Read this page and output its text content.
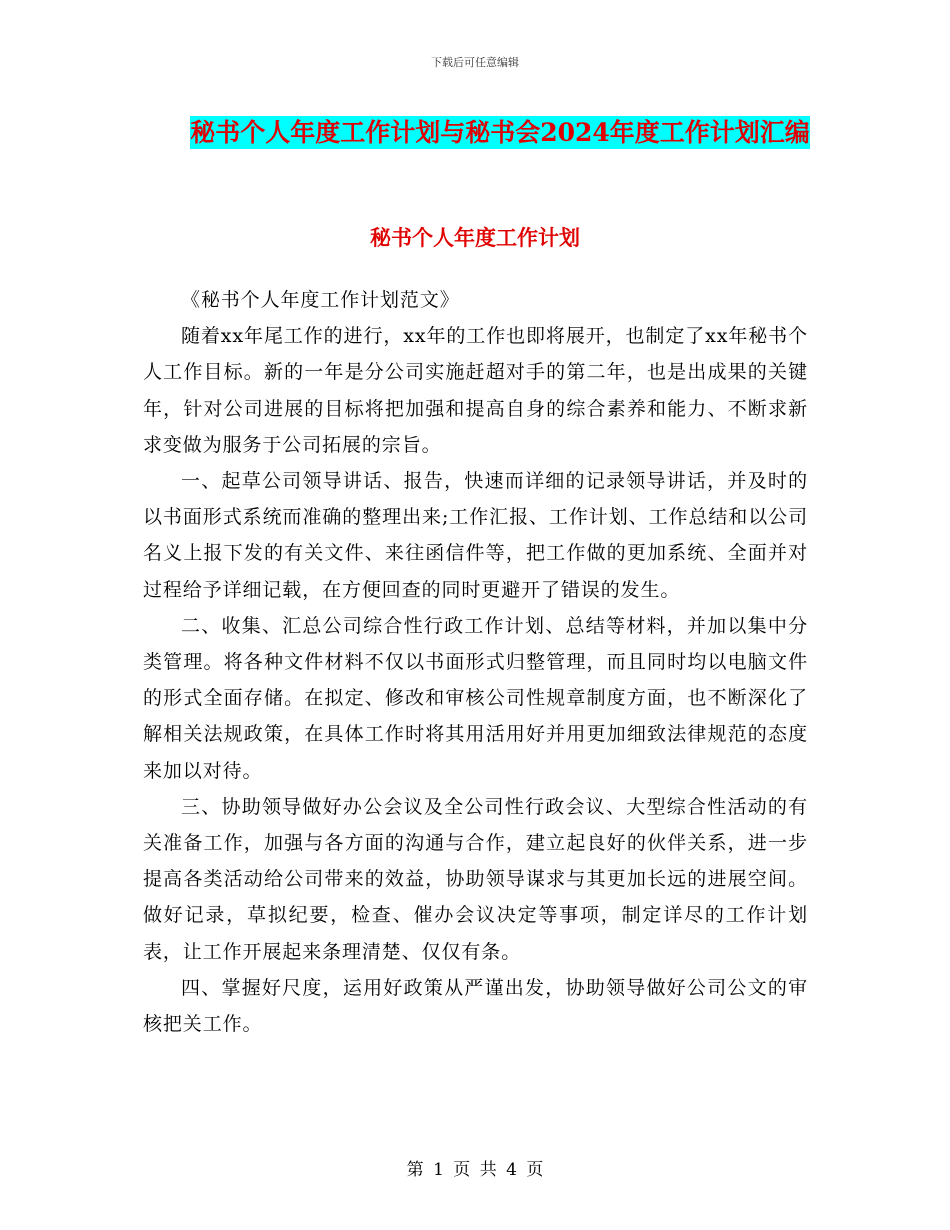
下载后可任意编辑
秘书个人年度工作计划与秘书会2024年度工作计划汇编
秘书个人年度工作计划

《秘书个人年度工作计划范文》

随着xx年尾工作的进行，xx年的工作也即将展开，也制定了xx年秘书个人工作目标。新的一年是分公司实施赶超对手的第二年，也是出成果的关键年，针对公司进展的目标将把加强和提高自身的综合素养和能力、不断求新求变做为服务于公司拓展的宗旨。

一、起草公司领导讲话、报告，快速而详细的记录领导讲话，并及时的以书面形式系统而准确的整理出来;工作汇报、工作计划、工作总结和以公司名义上报下发的有关文件、来往函信件等，把工作做的更加系统、全面并对过程给予详细记载，在方便回查的同时更避开了错误的发生。

二、收集、汇总公司综合性行政工作计划、总结等材料，并加以集中分类管理。将各种文件材料不仅以书面形式归整管理，而且同时均以电脑文件的形式全面存储。在拟定、修改和审核公司性规章制度方面，也不断深化了解相关法规政策，在具体工作时将其用活用好并用更加细致法律规范的态度来加以对待。

三、协助领导做好办公会议及全公司性行政会议、大型综合性活动的有关准备工作，加强与各方面的沟通与合作，建立起良好的伙伴关系，进一步提高各类活动给公司带来的效益，协助领导谋求与其更加长远的进展空间。做好记录，草拟纪要，检查、催办会议决定等事项，制定详尽的工作计划表，让工作开展起来条理清楚、仅仅有条。

四、掌握好尺度，运用好政策从严谨出发，协助领导做好公司公文的审核把关工作。

第 1 页 共 4 页
